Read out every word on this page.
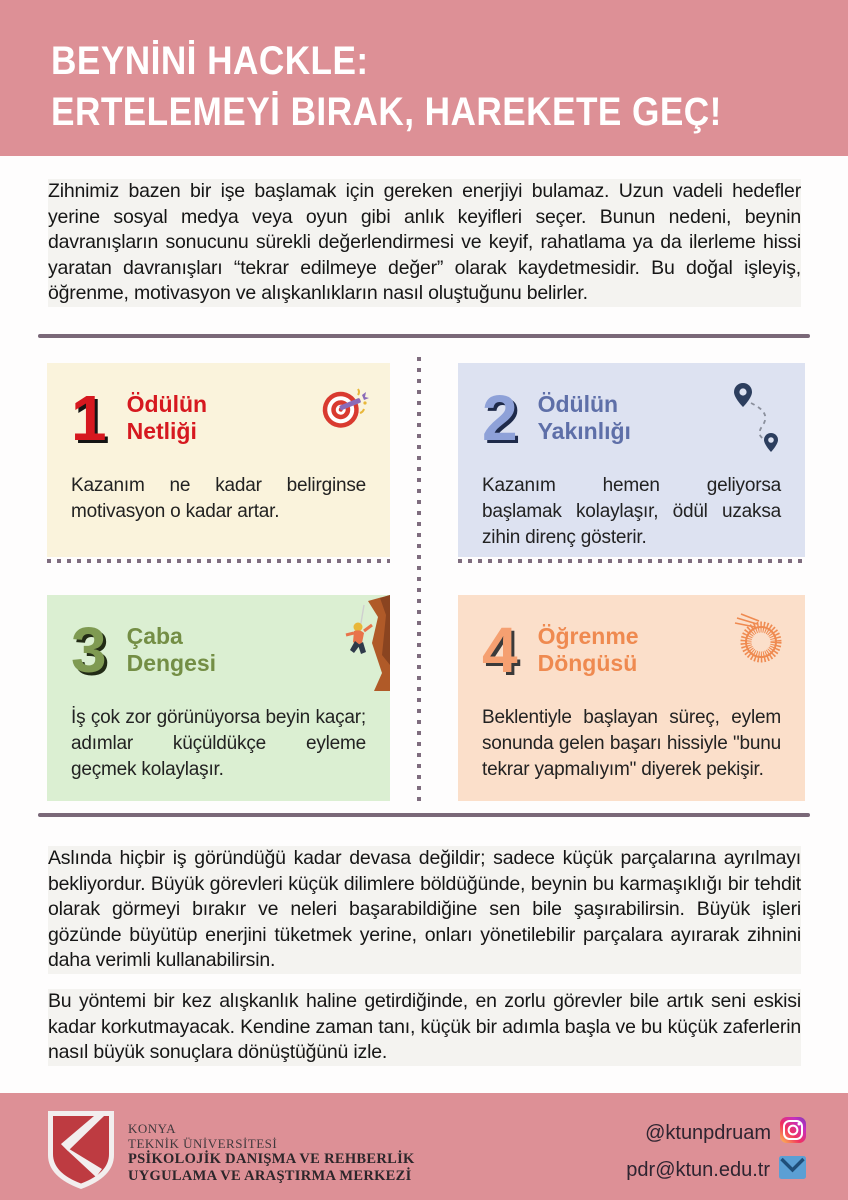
BEYNİNİ HACKLE:
ERTELEMEYİ BIRAK, HAREKETE GEÇ!

Zihnimiz bazen bir işe başlamak için gereken enerjiyi bulamaz. Uzun vadeli hedefler yerine sosyal medya veya oyun gibi anlık keyifleri seçer. Bunun nedeni, beynin davranışların sonucunu sürekli değerlendirmesi ve keyif, rahatlama ya da ilerleme hissi yaratan davranışları “tekrar edilmeye değer” olarak kaydetmesidir. Bu doğal işleyiş, öğrenme, motivasyon ve alışkanlıkların nasıl oluştuğunu belirler.

1 Ödülün Netliği

Kazanım ne kadar belirginse motivasyon o kadar artar.

2 Ödülün Yakınlığı

Kazanım hemen geliyorsa başlamak kolaylaşır, ödül uzaksa zihin direnç gösterir.

3 Çaba Dengesi

İş çok zor görünüyorsa beyin kaçar; adımlar küçüldükçe eyleme geçmek kolaylaşır.

4 Öğrenme Döngüsü

Beklentiyle başlayan süreç, eylem sonunda gelen başarı hissiyle "bunu tekrar yapmalıyım" diyerek pekişir.

Aslında hiçbir iş göründüğü kadar devasa değildir; sadece küçük parçalarına ayrılmayı bekliyordur. Büyük görevleri küçük dilimlere böldüğünde, beynin bu karmaşıklığı bir tehdit olarak görmeyi bırakır ve neleri başarabildiğine sen bile şaşırabilirsin. Büyük işleri gözünde büyütüp enerjini tüketmek yerine, onları yönetilebilir parçalara ayırarak zihnini daha verimli kullanabilirsin.

Bu yöntemi bir kez alışkanlık haline getirdiğinde, en zorlu görevler bile artık seni eskisi kadar korkutmayacak. Kendine zaman tanı, küçük bir adımla başla ve bu küçük zaferlerin nasıl büyük sonuçlara dönüştüğünü izle.

KONYA
TEKNİK ÜNİVERSİTESİ
PSİKOLOJİK DANIŞMA VE REHBERLİK
UYGULAMA VE ARAŞTIRMA MERKEZİ
@ktunpdruam
pdr@ktun.edu.tr
